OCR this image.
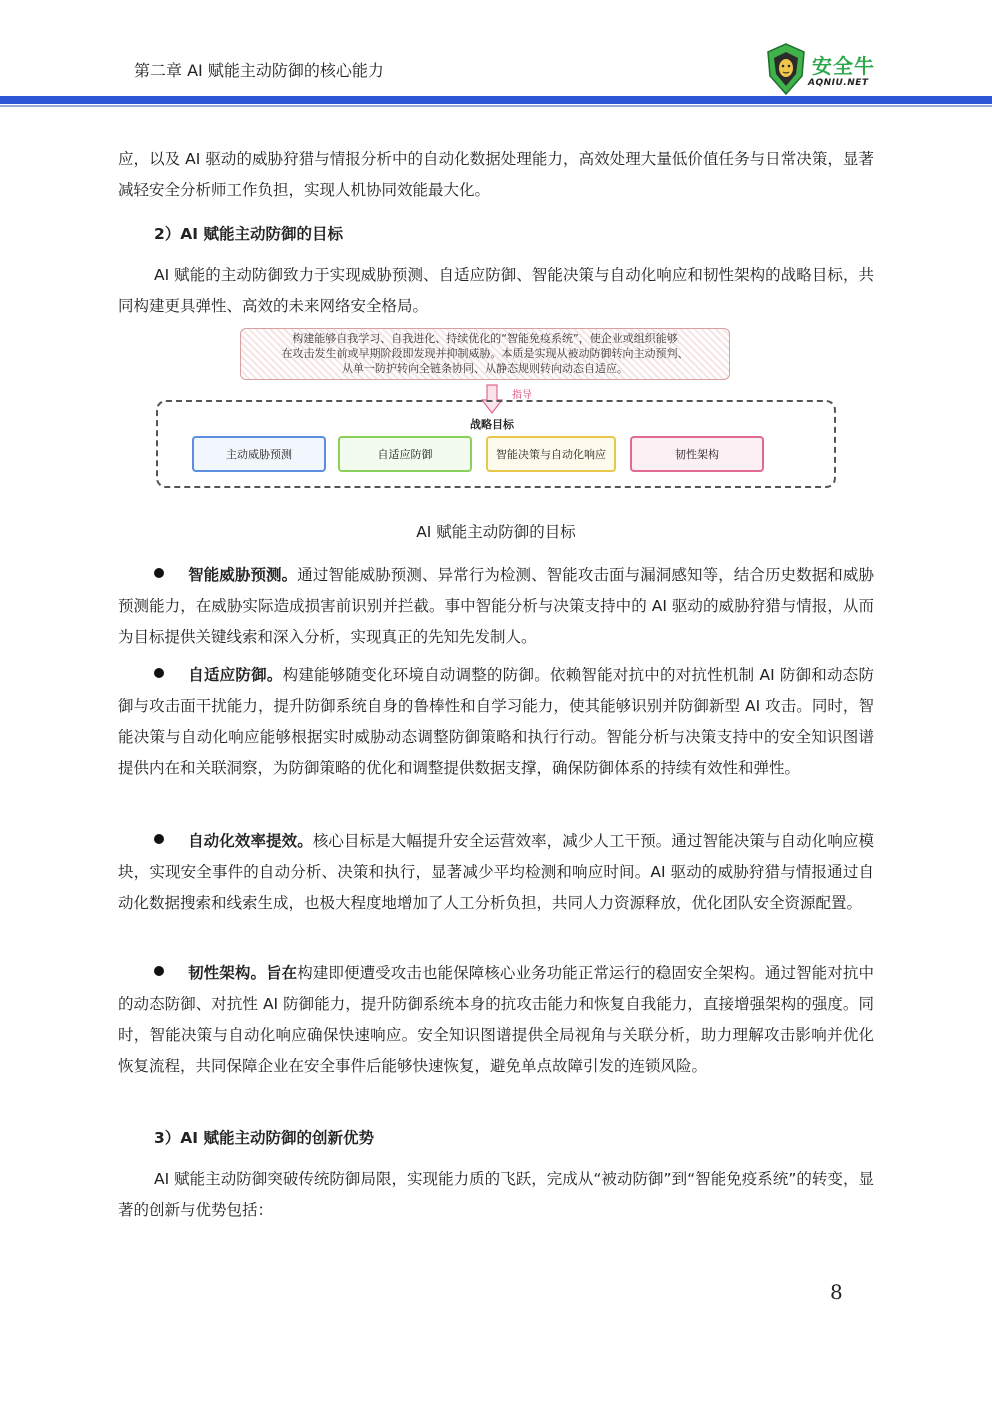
第二章 AI 赋能主动防御的核心能力	安全牛
AQNIU.NET
应，以及 AI 驱动的威胁狩猎与情报分析中的自动化数据处理能力，高效处理大量低价值任务与日常决策，显著减轻安全分析师工作负担，实现人机协同效能最大化。
2）AI 赋能主动防御的目标
AI 赋能的主动防御致力于实现威胁预测、自适应防御、智能决策与自动化响应和韧性架构的战略目标，共同构建更具弹性、高效的未来网络安全格局。
构建能够自我学习、自我进化、持续优化的“智能免疫系统”，使企业或组织能够
在攻击发生前或早期阶段即发现并抑制威胁。本质是实现从被动防御转向主动预判、
从单一防护转向全链条协同、从静态规则转向动态自适应。
指导
战略目标
主动威胁预测	自适应防御	智能决策与自动化响应	韧性架构
AI 赋能主动防御的目标
智能威胁预测。通过智能威胁预测、异常行为检测、智能攻击面与漏洞感知等，结合历史数据和威胁预测能力，在威胁实际造成损害前识别并拦截。事中智能分析与决策支持中的 AI 驱动的威胁狩猎与情报，从而为目标提供关键线索和深入分析，实现真正的先知先发制人。
自适应防御。构建能够随变化环境自动调整的防御。依赖智能对抗中的对抗性机制 AI 防御和动态防御与攻击面干扰能力，提升防御系统自身的鲁棒性和自学习能力，使其能够识别并防御新型 AI 攻击。同时，智能决策与自动化响应能够根据实时威胁动态调整防御策略和执行行动。智能分析与决策支持中的安全知识图谱提供内在和关联洞察，为防御策略的优化和调整提供数据支撑，确保防御体系的持续有效性和弹性。
自动化效率提效。核心目标是大幅提升安全运营效率，减少人工干预。通过智能决策与自动化响应模块，实现安全事件的自动分析、决策和执行，显著减少平均检测和响应时间。AI 驱动的威胁狩猎与情报通过自动化数据搜索和线索生成，也极大程度地增加了人工分析负担，共同人力资源释放，优化团队安全资源配置。
韧性架构。旨在构建即便遭受攻击也能保障核心业务功能正常运行的稳固安全架构。通过智能对抗中的动态防御、对抗性 AI 防御能力，提升防御系统本身的抗攻击能力和恢复自我能力，直接增强架构的强度。同时，智能决策与自动化响应确保快速响应。安全知识图谱提供全局视角与关联分析，助力理解攻击影响并优化恢复流程，共同保障企业在安全事件后能够快速恢复，避免单点故障引发的连锁风险。
3）AI 赋能主动防御的创新优势
AI 赋能主动防御突破传统防御局限，实现能力质的飞跃，完成从“被动防御”到“智能免疫系统”的转变，显著的创新与优势包括：
8
